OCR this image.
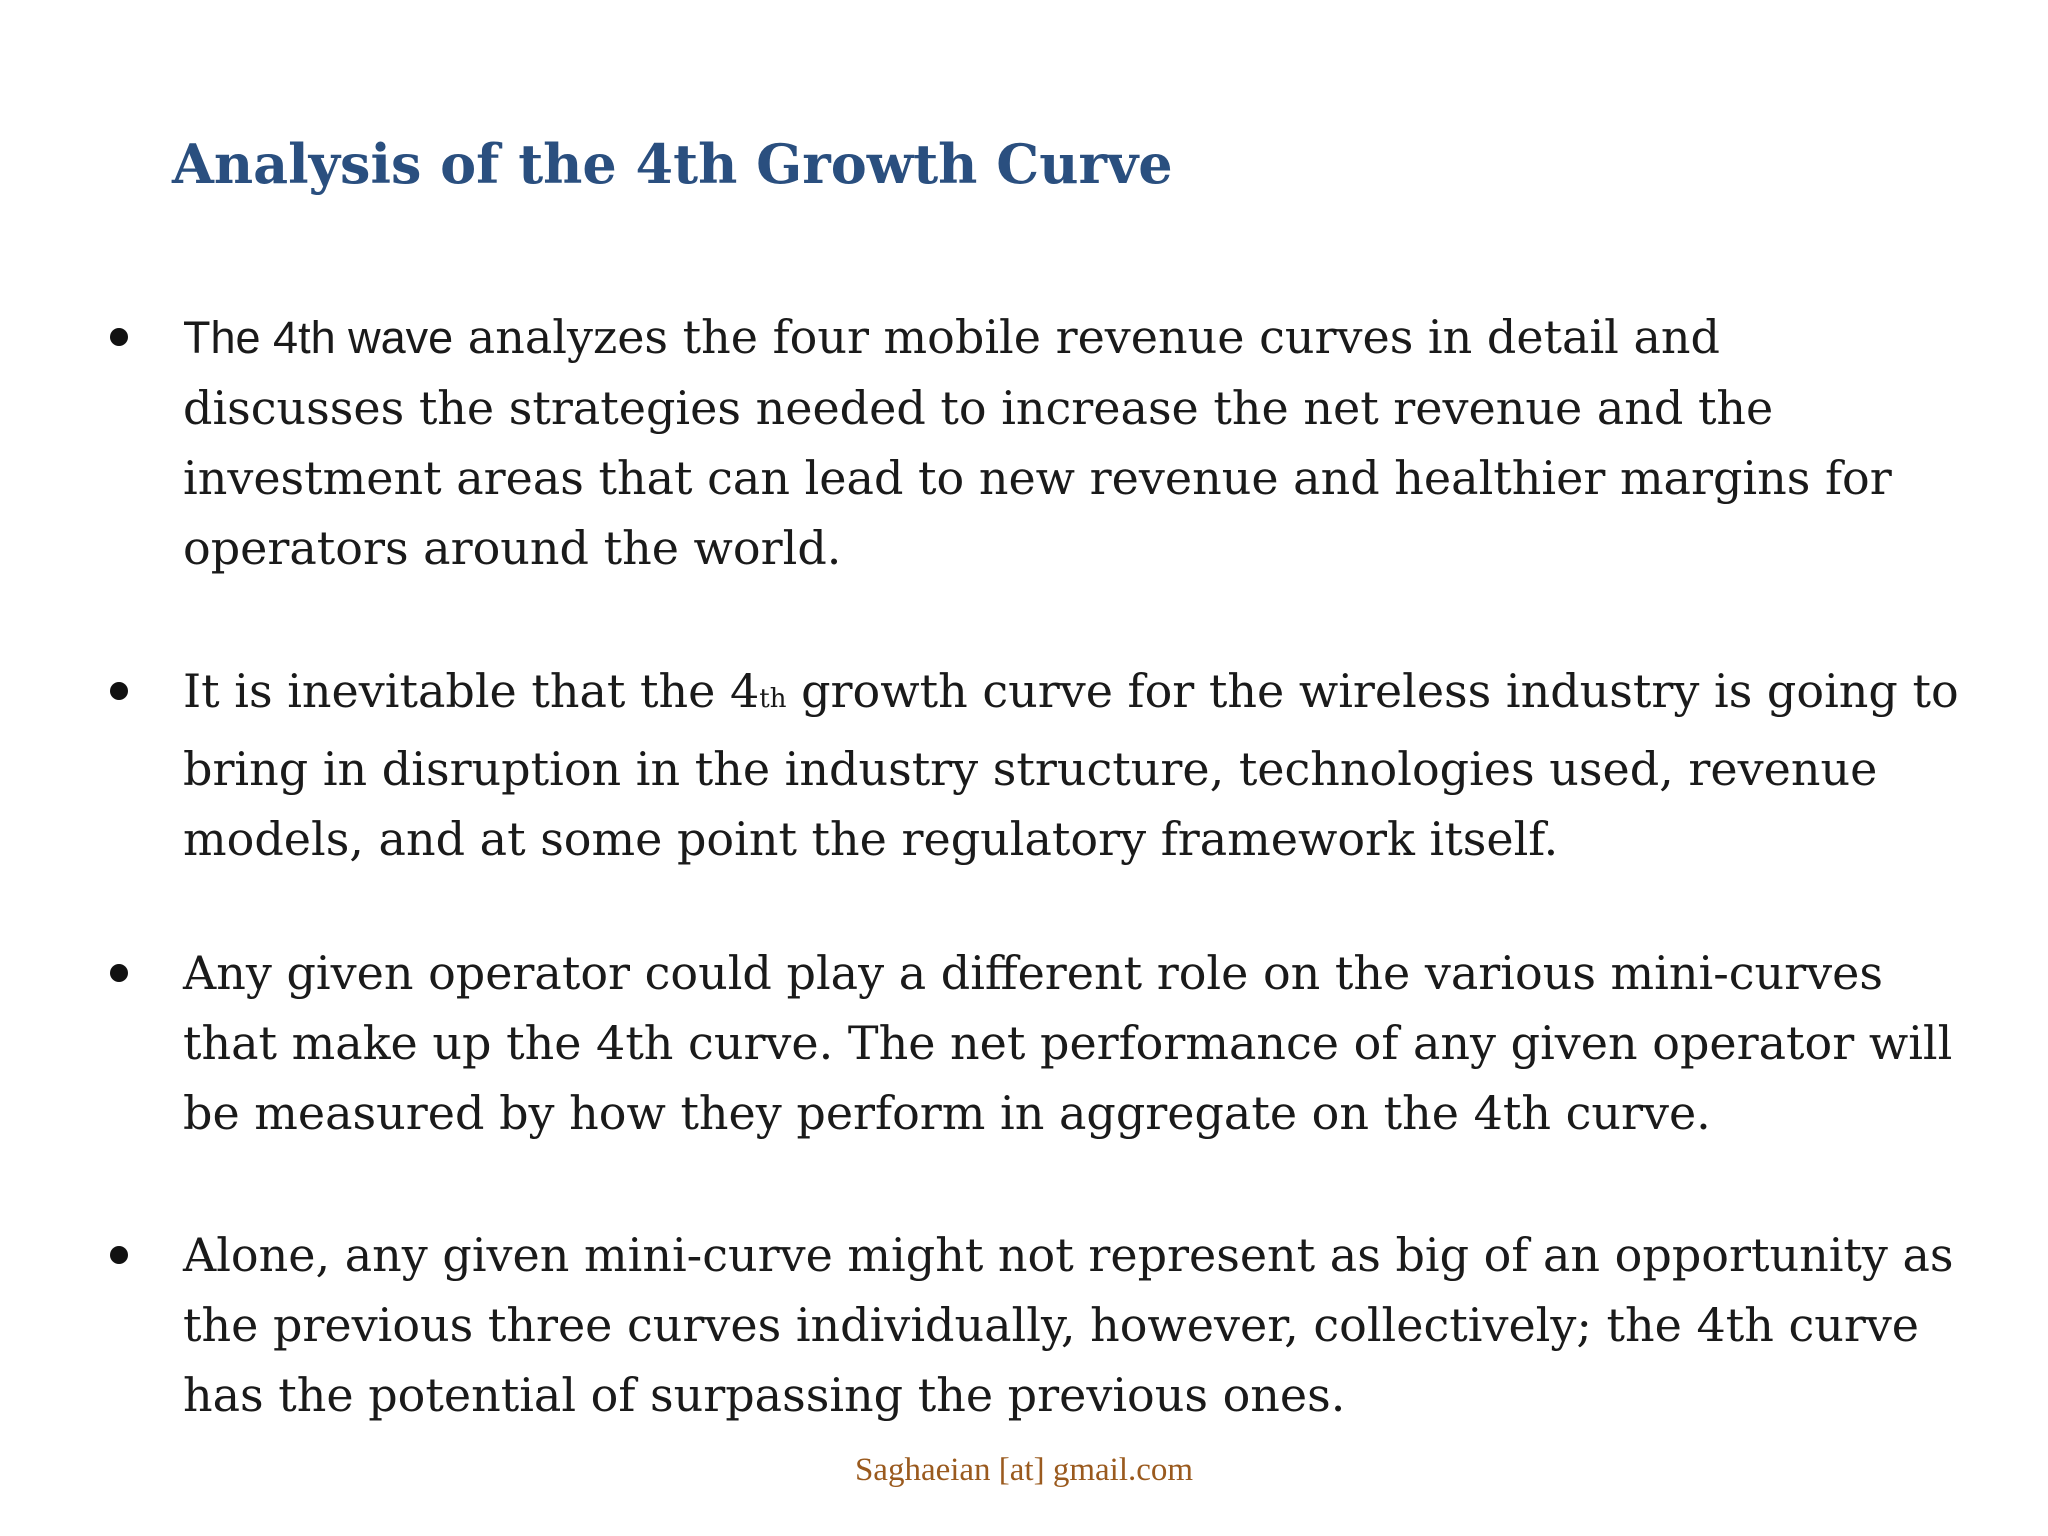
Analysis of the 4th Growth Curve

The 4th wave analyzes the four mobile revenue curves in detail and
discusses the strategies needed to increase the net revenue and the
investment areas that can lead to new revenue and healthier margins for
operators around the world.

It is inevitable that the 4th growth curve for the wireless industry is going to
bring in disruption in the industry structure, technologies used, revenue
models, and at some point the regulatory framework itself.

Any given operator could play a different role on the various mini-curves
that make up the 4th curve. The net performance of any given operator will
be measured by how they perform in aggregate on the 4th curve.

Alone, any given mini-curve might not represent as big of an opportunity as
the previous three curves individually, however, collectively; the 4th curve
has the potential of surpassing the previous ones.

Saghaeian [at] gmail.com
